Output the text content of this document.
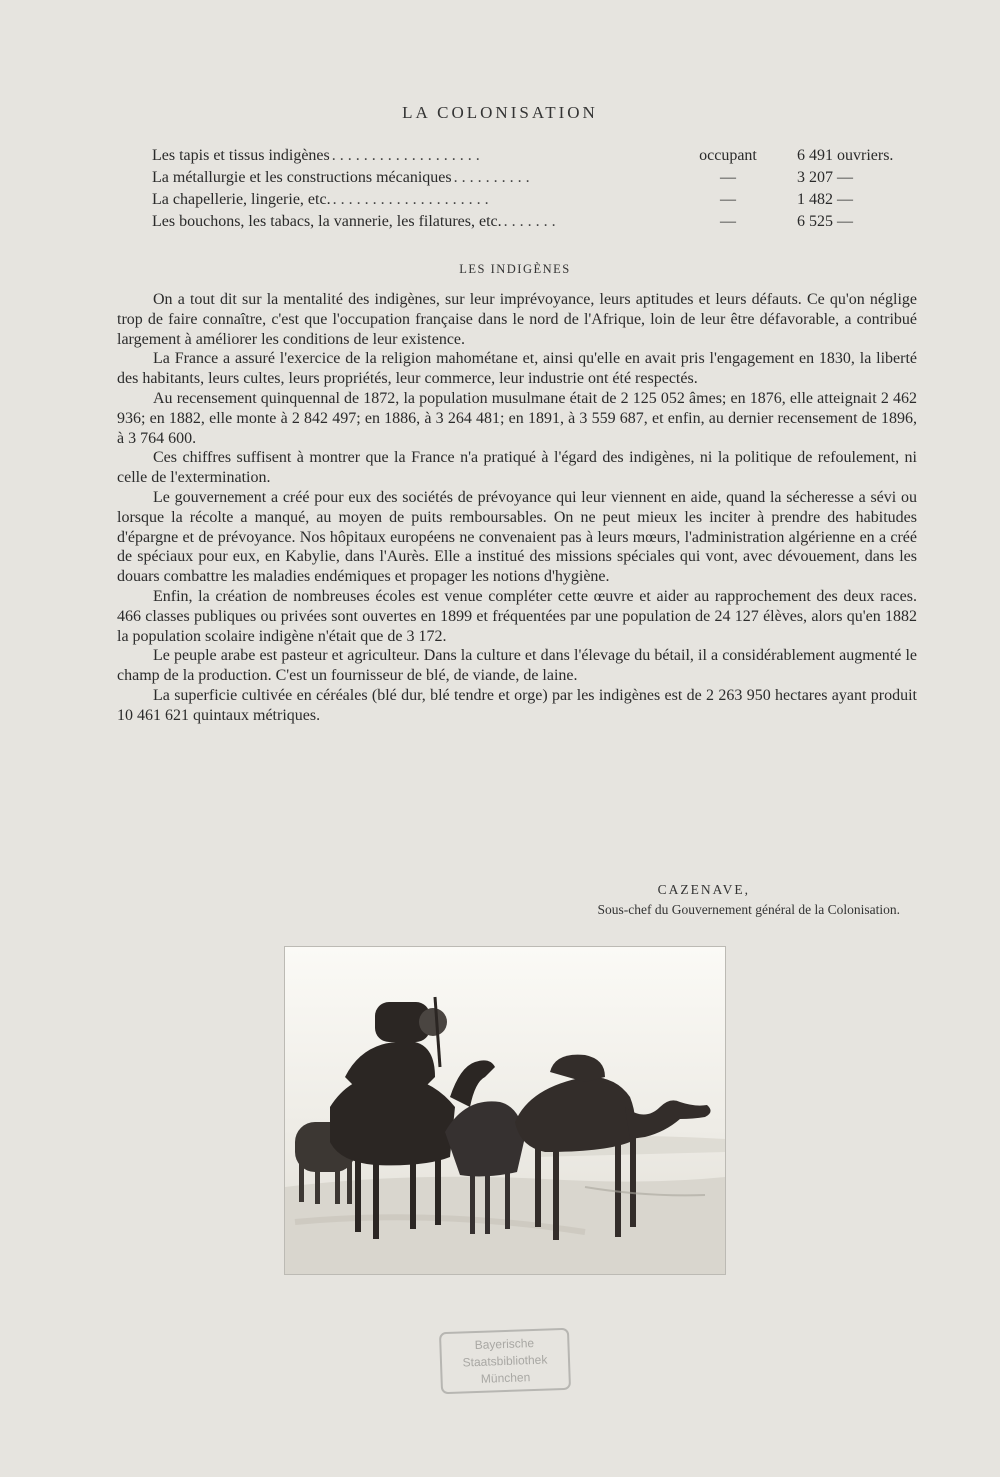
LA COLONISATION
Les tapis et tissus indigènes ...................	occupant	6 491 ouvriers.
La métallurgie et les constructions mécaniques ..........	—	3 207 —
La chapellerie, lingerie, etc. ....................	—	1 482 —
Les bouchons, les tabacs, la vannerie, les filatures, etc. .......	—	6 525 —
LES INDIGÈNES

On a tout dit sur la mentalité des indigènes, sur leur imprévoyance, leurs aptitudes et leurs défauts. Ce qu'on néglige trop de faire connaître, c'est que l'occupation française dans le nord de l'Afrique, loin de leur être défavorable, a contribué largement à améliorer les conditions de leur existence.

La France a assuré l'exercice de la religion mahométane et, ainsi qu'elle en avait pris l'engagement en 1830, la liberté des habitants, leurs cultes, leurs propriétés, leur commerce, leur industrie ont été respectés.

Au recensement quinquennal de 1872, la population musulmane était de 2 125 052 âmes; en 1876, elle atteignait 2 462 936; en 1882, elle monte à 2 842 497; en 1886, à 3 264 481; en 1891, à 3 559 687, et enfin, au dernier recensement de 1896, à 3 764 600.

Ces chiffres suffisent à montrer que la France n'a pratiqué à l'égard des indigènes, ni la politique de refoulement, ni celle de l'extermination.

Le gouvernement a créé pour eux des sociétés de prévoyance qui leur viennent en aide, quand la sécheresse a sévi ou lorsque la récolte a manqué, au moyen de puits remboursables. On ne peut mieux les inciter à prendre des habitudes d'épargne et de prévoyance. Nos hôpitaux européens ne convenaient pas à leurs mœurs, l'administration algérienne en a créé de spéciaux pour eux, en Kabylie, dans l'Aurès. Elle a institué des missions spéciales qui vont, avec dévouement, dans les douars combattre les maladies endémiques et propager les notions d'hygiène.

Enfin, la création de nombreuses écoles est venue compléter cette œuvre et aider au rapprochement des deux races. 466 classes publiques ou privées sont ouvertes en 1899 et fréquentées par une population de 24 127 élèves, alors qu'en 1882 la population scolaire indigène n'était que de 3 172.

Le peuple arabe est pasteur et agriculteur. Dans la culture et dans l'élevage du bétail, il a considérablement augmenté le champ de la production. C'est un fournisseur de blé, de viande, de laine.

La superficie cultivée en céréales (blé dur, blé tendre et orge) par les indigènes est de 2 263 950 hectares ayant produit 10 461 621 quintaux métriques.

CAZENAVE,
Sous-chef du Gouvernement général de la Colonisation.
Bayerische
Staatsbibliothek
München
